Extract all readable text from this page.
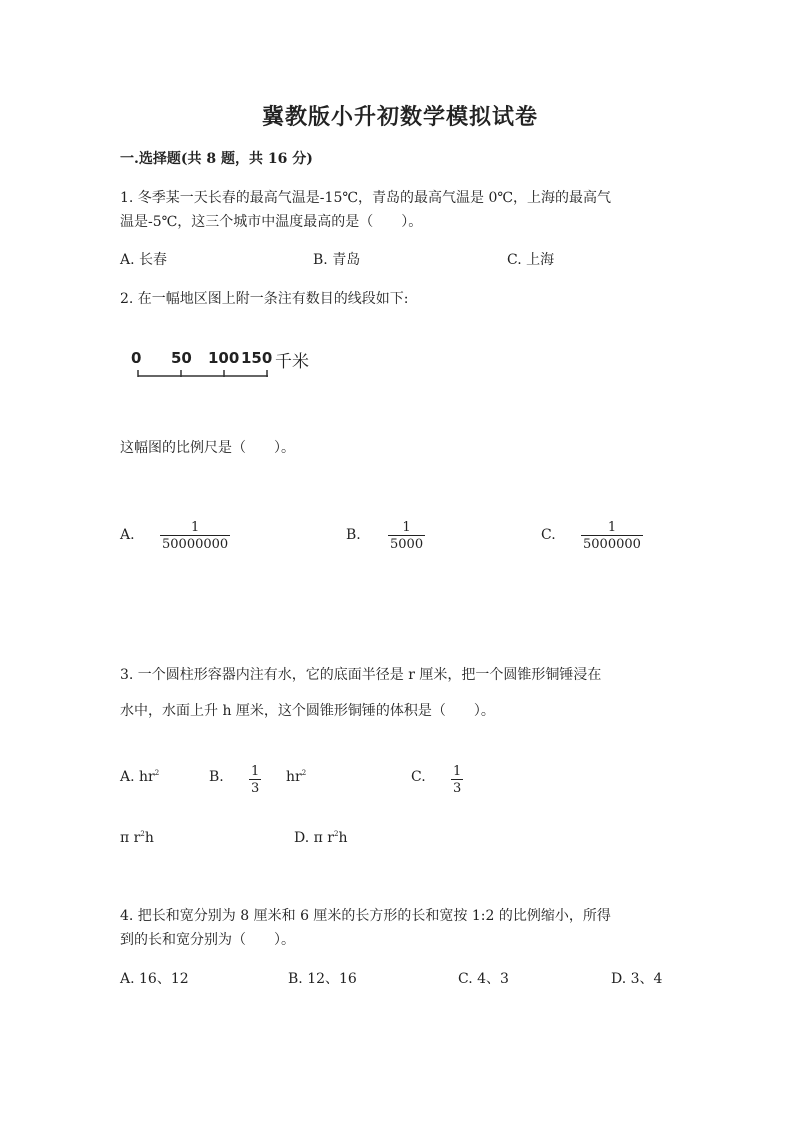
冀教版小升初数学模拟试卷
一.选择题(共 8 题，共 16 分)
1. 冬季某一天长春的最高气温是-15℃，青岛的最高气温是 0℃，上海的最高气
温是-5℃，这三个城市中温度最高的是（　　）。
A. 长春	B. 青岛	C. 上海
2. 在一幅地区图上附一条注有数目的线段如下:
0 50 100 150 千米
这幅图的比例尺是（　　）。
A. $\frac{1}{50000000}$	B. $\frac{1}{5000}$	C. $\frac{1}{5000000}$
3. 一个圆柱形容器内注有水，它的底面半径是 r 厘米，把一个圆锥形铜锤浸在
水中，水面上升 h 厘米，这个圆锥形铜锤的体积是（　　）。
A. $hr^2$	B. $\frac{1}{3} hr^2$	C. $\frac{1}{3}$
π $r^2h$	D. π $r^2h$
4. 把长和宽分别为 8 厘米和 6 厘米的长方形的长和宽按 1:2 的比例缩小，所得
到的长和宽分别为（　　）。
A. 16、12	B. 12、16	C. 4、3	D. 3、4
